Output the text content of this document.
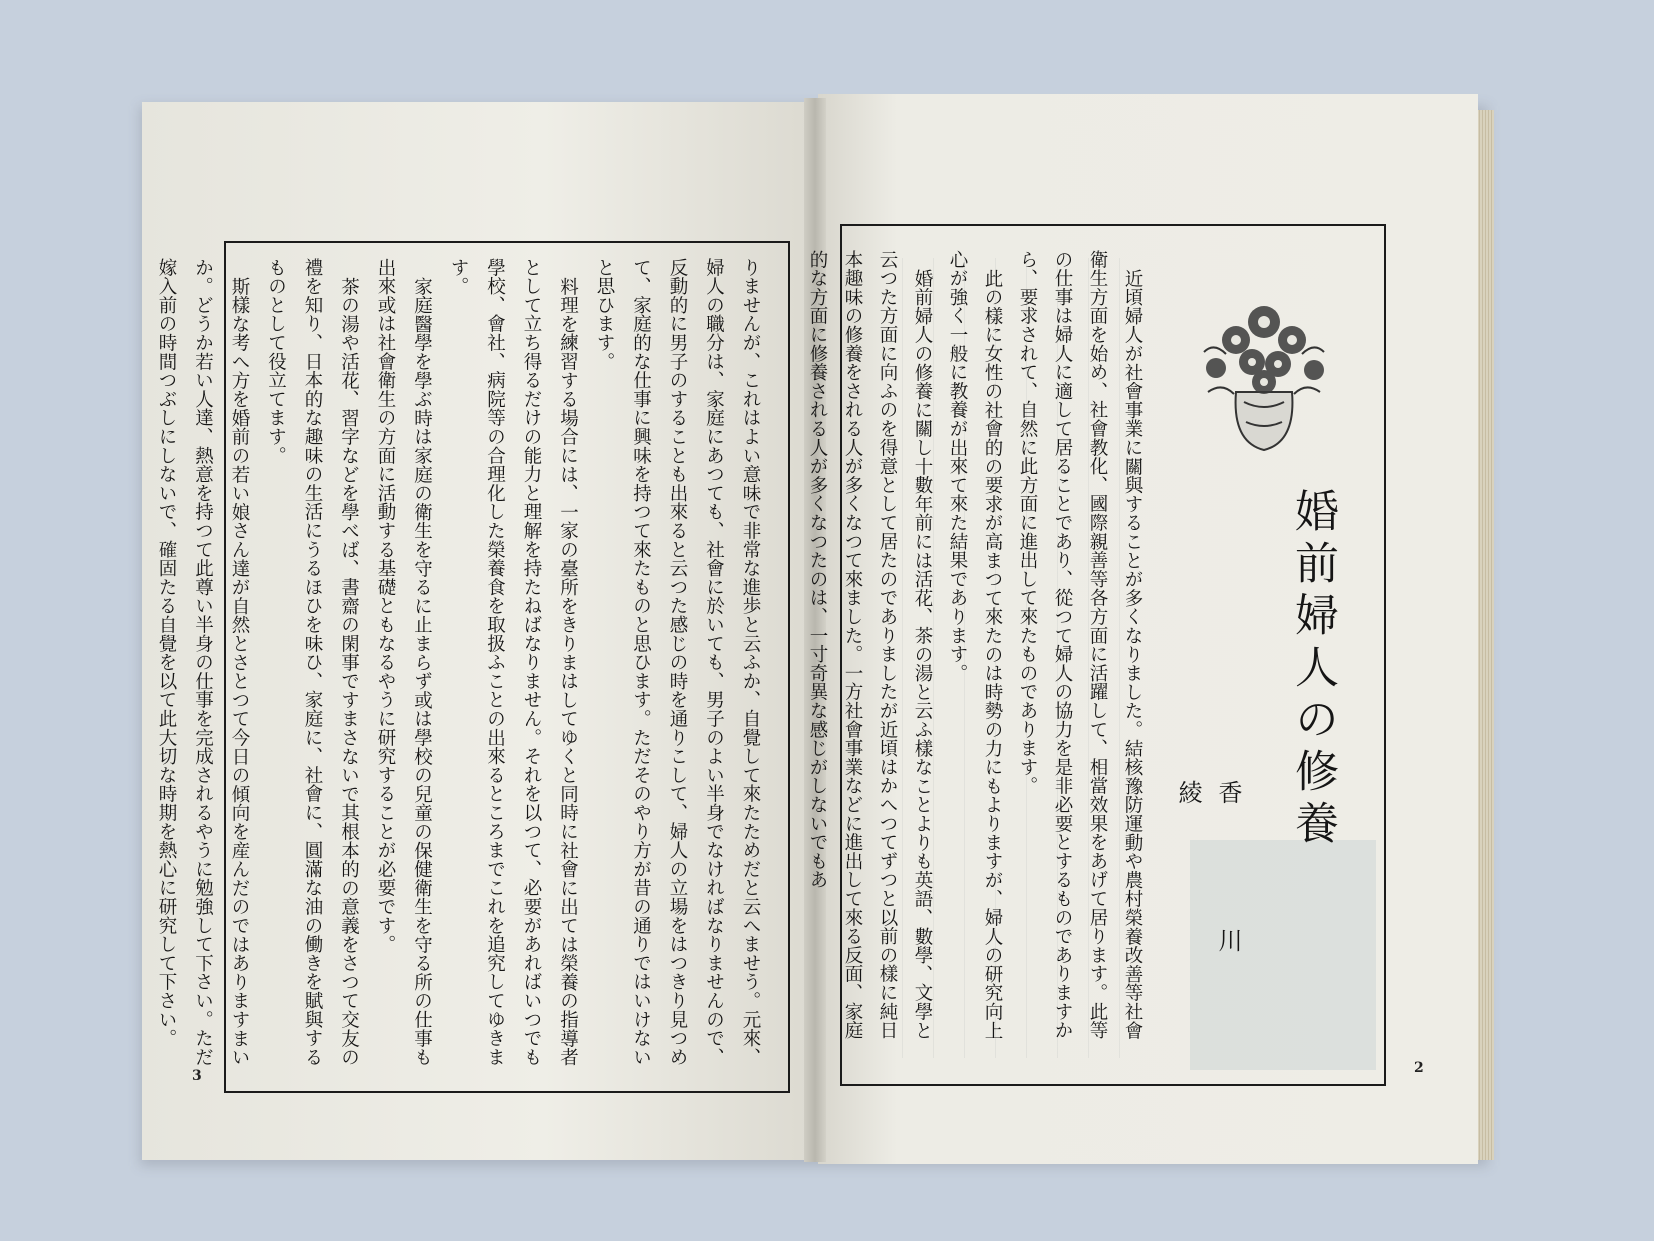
りませんが、これはよい意味で非常な進歩と云ふか、自覺して來たためだと云へませう。元來、婦人の職分は、家庭にあつても、社會に於いても、男子のよい半身でなければなりませんので、反動的に男子のすることも出來ると云つた感じの時を通りこして、婦人の立場をはつきり見つめて、家庭的な仕事に興味を持つて來たものと思ひます。ただそのやり方が昔の通りではいけないと思ひます。

料理を練習する場合には、一家の臺所をきりまはしてゆくと同時に社會に出ては榮養の指導者として立ち得るだけの能力と理解を持たねばなりません。それを以つて、必要があればいつでも學校、會社、病院等の合理化した榮養食を取扱ふことの出來るところまでこれを追究してゆきます。

家庭醫學を學ぶ時は家庭の衛生を守るに止まらず或は學校の兒童の保健衛生を守る所の仕事も出來或は社會衛生の方面に活動する基礎ともなるやうに研究することが必要です。

茶の湯や活花、習字などを學べば、書齋の閑事ですまさないで其根本的の意義をさつて交友の禮を知り、日本的な趣味の生活にうるほひを味ひ、家庭に、社會に、圓滿な油の働きを賦與するものとして役立てます。

斯樣な考へ方を婚前の若い娘さん達が自然とさとつて今日の傾向を産んだのではありますまいか。どうか若い人達、熱意を持つて此尊い半身の仕事を完成されるやうに勉強して下さい。ただ嫁入前の時間つぶしにしないで、確固たる自覺を以て此大切な時期を熱心に研究して下さい。

3
婚前婦人の修養
香 川 綾

近頃婦人が社會事業に關與することが多くなりました。結核豫防運動や農村榮養改善等社會衛生方面を始め、社會教化、國際親善等各方面に活躍して、相當效果をあげて居ります。此等の仕事は婦人に適して居ることであり、從つて婦人の協力を是非必要とするものでありますから、要求されて、自然に此方面に進出して來たものであります。

此の樣に女性の社會的の要求が高まつて來たのは時勢の力にもよりますが、婦人の研究向上心が強く一般に教養が出來て來た結果であります。

婚前婦人の修養に關し十數年前には活花、茶の湯と云ふ樣なことよりも英語、數學、文學と云つた方面に向ふのを得意として居たのでありましたが近頃はかへつてずつと以前の樣に純日本趣味の修養をされる人が多くなつて來ました。一方社會事業などに進出して來る反面、家庭的な方面に修養される人が多くなつたのは、一寸奇異な感じがしないでもあ

2
